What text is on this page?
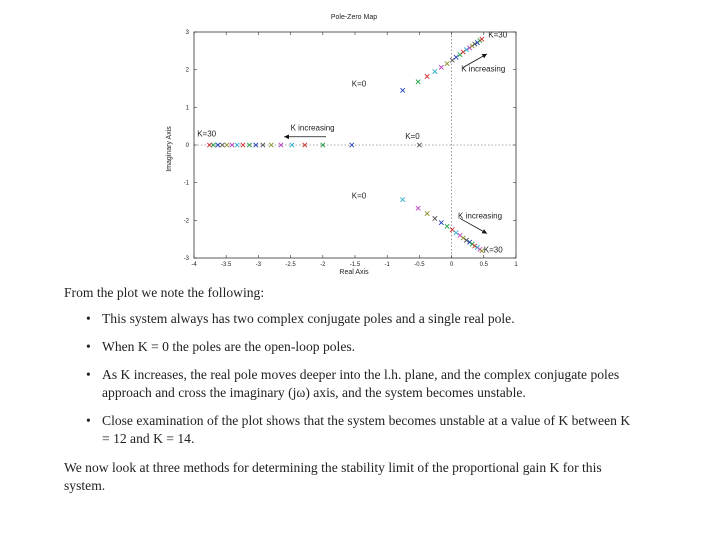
Pole-Zero Map
Real Axis
Imaginary Axis
-4	-3.5	-3	-2.5	-2	-1.5	-1	-0.5	0	0.5	1
3
2
1
0
-1
-2
-3
K=30
K increasing
K=0
K increasing
K=30	K=0
K=0
K increasing
K=30

From the plot we note the following:

• This system always has two complex conjugate poles and a single real pole.
• When K = 0 the poles are the open-loop poles.
• As K increases, the real pole moves deeper into the l.h. plane, and the complex conjugate poles approach and cross the imaginary (jω) axis, and the system becomes unstable.
• Close examination of the plot shows that the system becomes unstable at a value of K between K = 12 and K = 14.

We now look at three methods for determining the stability limit of the proportional gain K for this system.
